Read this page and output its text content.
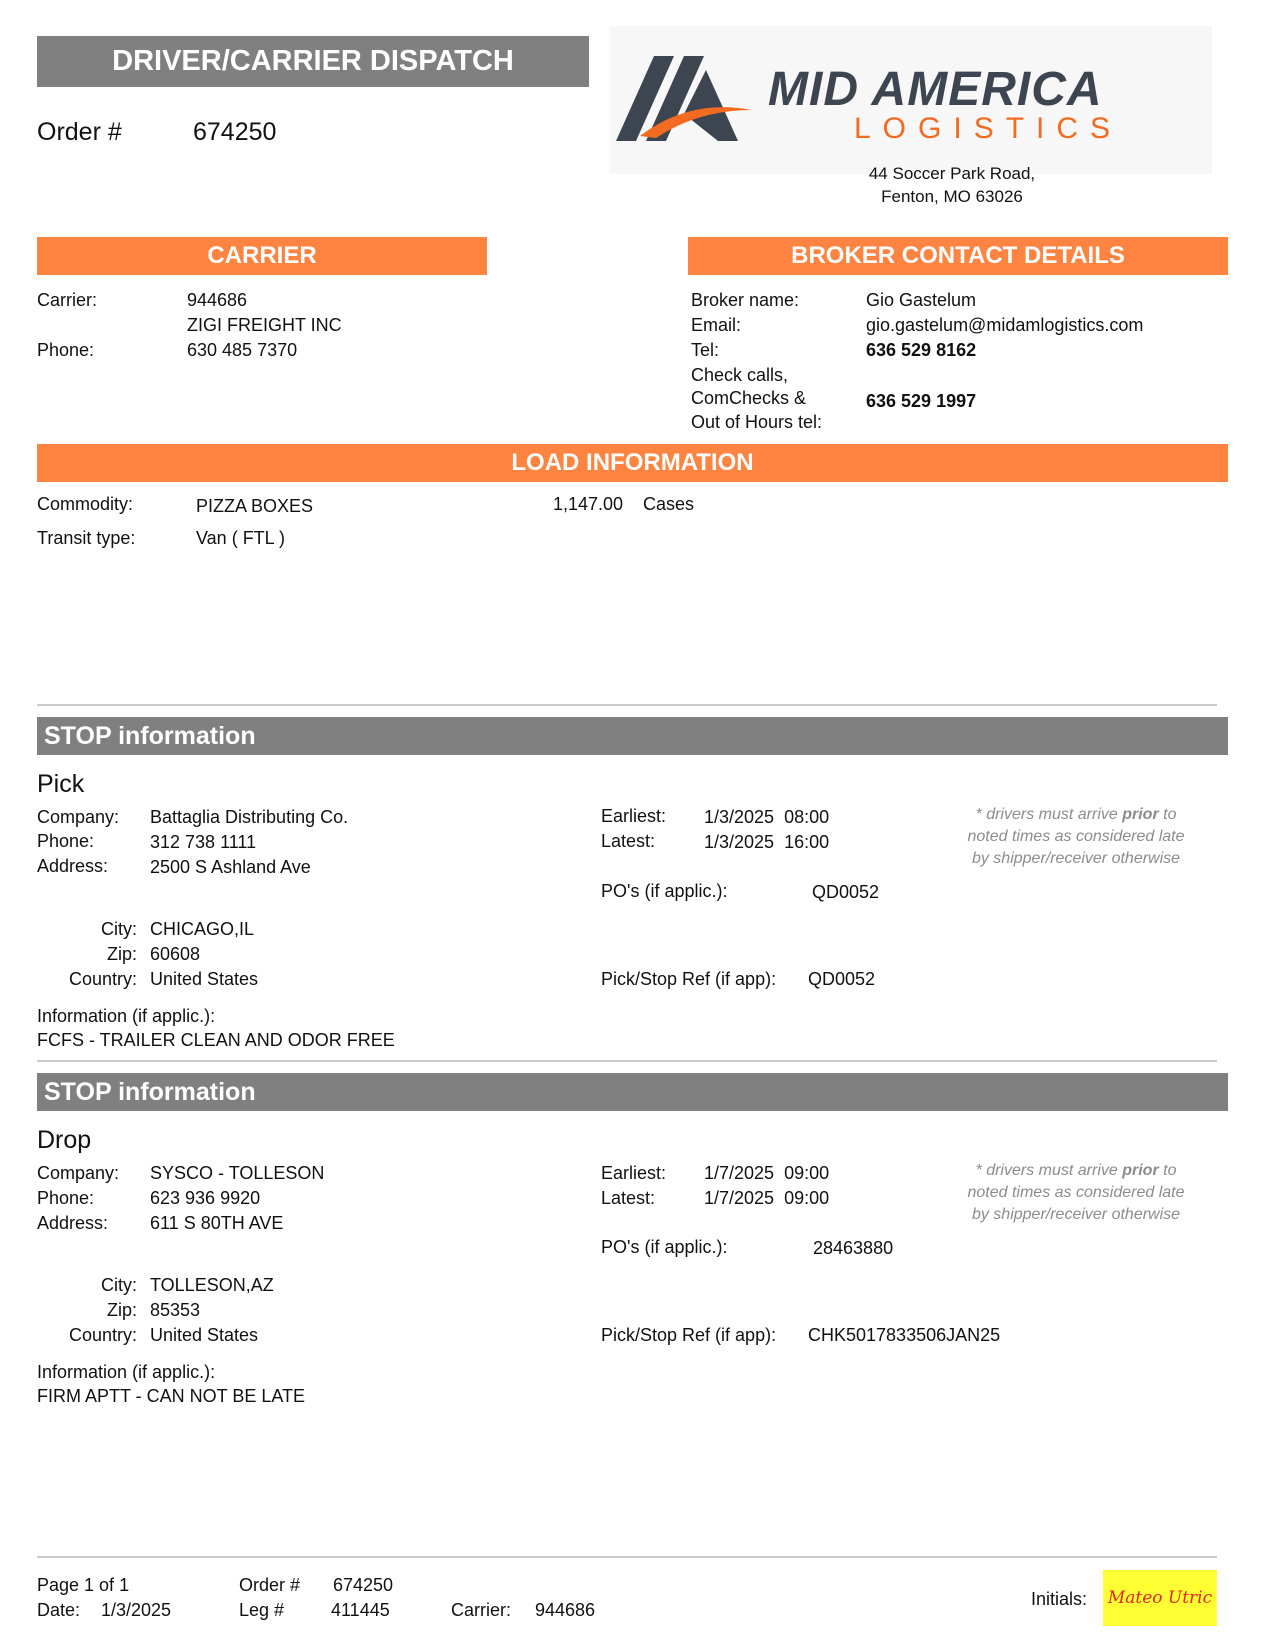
DRIVER/CARRIER DISPATCH
Order #	674250
MID AMERICA
LOGISTICS
44 Soccer Park Road,
Fenton, MO 63026
CARRIER
Carrier:	944686
ZIGI FREIGHT INC
Phone:	630 485 7370
BROKER CONTACT DETAILS
Broker name:	Gio Gastelum
Email:	gio.gastelum@midamlogistics.com
Tel:	636 529 8162
Check calls,
ComChecks &
Out of Hours tel:
636 529 1997
LOAD INFORMATION
Commodity:	PIZZA BOXES	1,147.00 Cases
Transit type:	Van ( FTL )
STOP information
Pick
Company: Battaglia Distributing Co.
Phone:	312 738 1111
Address: 2500 S Ashland Ave
City: CHICAGO,IL
Zip: 60608
Country: United States
Information (if applic.):
FCFS - TRAILER CLEAN AND ODOR FREE
Earliest: 1/3/2025  08:00
Latest:	1/3/2025  16:00
PO's (if applic.):	QD0052
Pick/Stop Ref (if app): QD0052
* drivers must arrive prior to
noted times as considered late
by shipper/receiver otherwise
STOP information
Drop
Company: SYSCO - TOLLESON
Phone:	623 936 9920
Address: 611 S 80TH AVE
City: TOLLESON,AZ
Zip: 85353
Country: United States
Information (if applic.):
FIRM APTT - CAN NOT BE LATE
Earliest: 1/7/2025  09:00
Latest:	1/7/2025  09:00
PO's (if applic.):	28463880
Pick/Stop Ref (if app): CHK5017833506JAN25
* drivers must arrive prior to
noted times as considered late
by shipper/receiver otherwise
Page 1 of 1
Date: 1/3/2025
Order # 674250
Leg #	411445	Carrier: 944686
Initials: Mateo Utric
